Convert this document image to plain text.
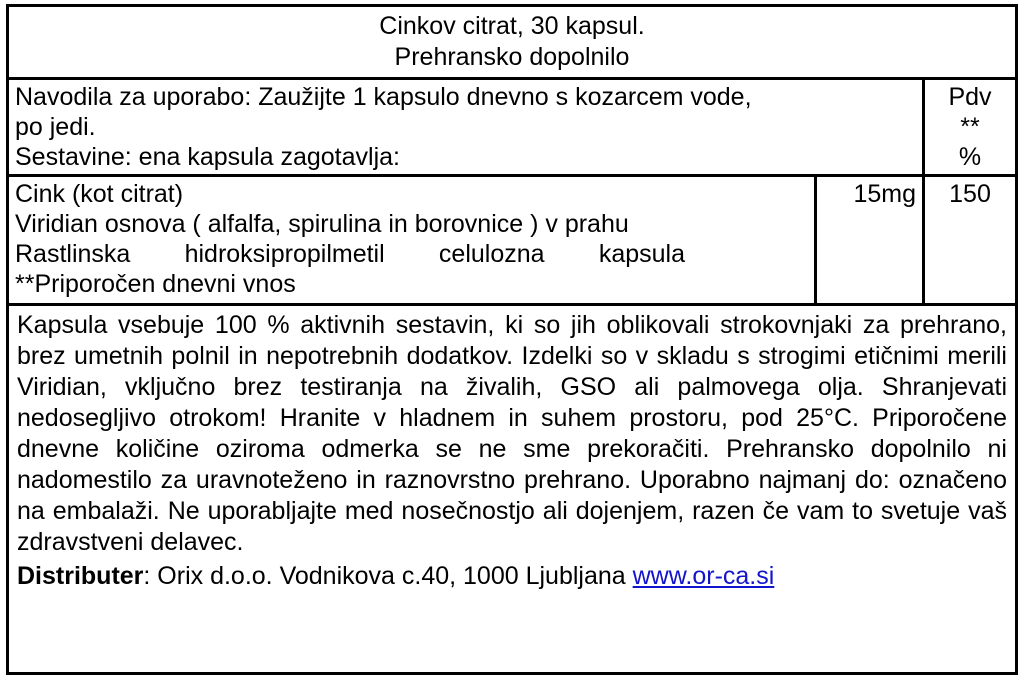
Cinkov citrat, 30 kapsul.
Prehransko dopolnilo
Navodila za uporabo: Zaužijte 1 kapsulo dnevno s kozarcem vode,
po jedi.
Sestavine: ena kapsula zagotavlja:
Pdv
**
%
Cink (kot citrat)
Viridian osnova ( alfalfa, spirulina in borovnice ) v prahu
Rastlinska hidroksipropilmetil celulozna kapsula
**Priporočen dnevni vnos
15mg	150

Kapsula vsebuje 100 % aktivnih sestavin, ki so jih oblikovali strokovnjaki za prehrano, brez umetnih polnil in nepotrebnih dodatkov. Izdelki so v skladu s strogimi etičnimi merili Viridian, vključno brez testiranja na živalih, GSO ali palmovega olja. Shranjevati nedosegljivo otrokom! Hranite v hladnem in suhem prostoru, pod 25°C. Priporočene dnevne količine oziroma odmerka se ne sme prekoračiti. Prehransko dopolnilo ni nadomestilo za uravnoteženo in raznovrstno prehrano. Uporabno najmanj do: označeno na embalaži. Ne uporabljajte med nosečnostjo ali dojenjem, razen če vam to svetuje vaš zdravstveni delavec.

Distributer: Orix d.o.o. Vodnikova c.40, 1000 Ljubljana www.or-ca.si
